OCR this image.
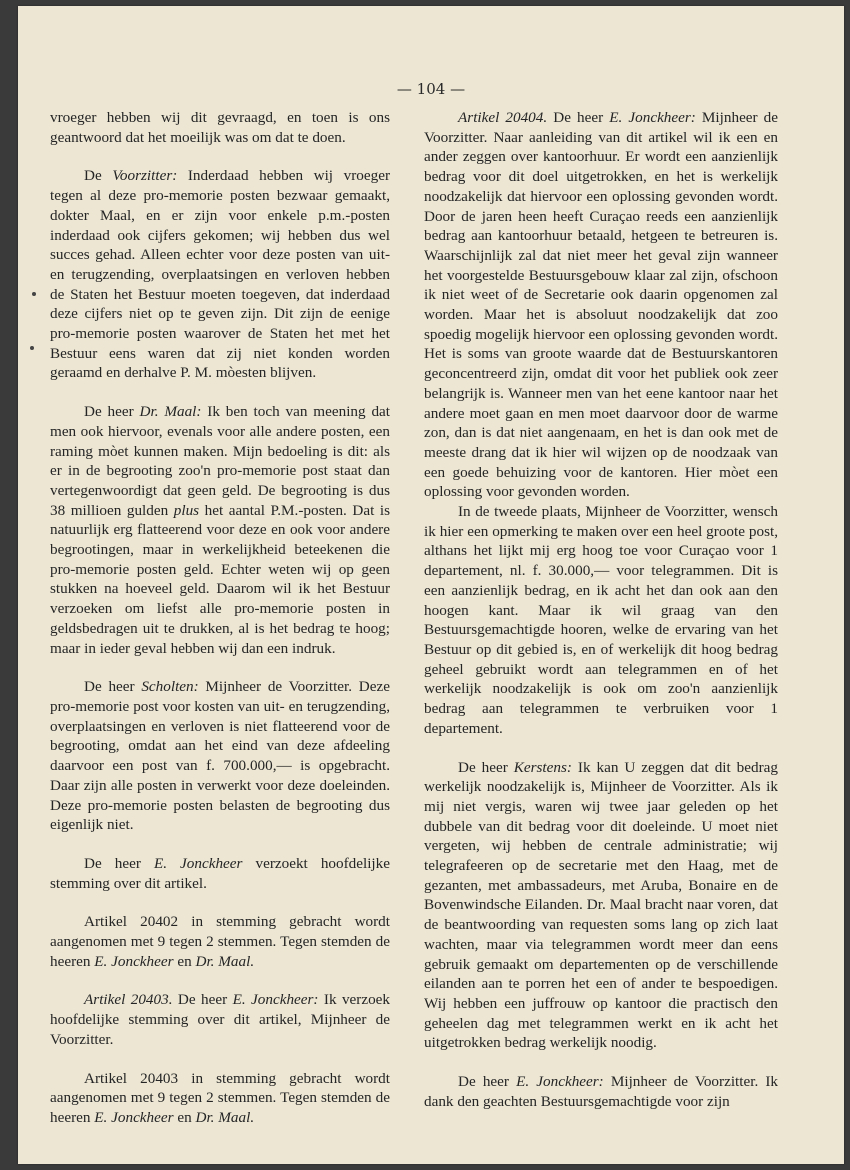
— 104 —

vroeger hebben wij dit gevraagd, en toen is ons geantwoord dat het moeilijk was om dat te doen.

De Voorzitter: Inderdaad hebben wij vroeger tegen al deze pro-memorie posten bezwaar gemaakt, dokter Maal, en er zijn voor enkele p.m.-posten inderdaad ook cijfers gekomen; wij hebben dus wel succes gehad. Alleen echter voor deze posten van uit- en terugzending, overplaatsingen en verloven hebben de Staten het Bestuur moeten toegeven, dat inderdaad deze cijfers niet op te geven zijn. Dit zijn de eenige pro-memorie posten waarover de Staten het met het Bestuur eens waren dat zij niet konden worden geraamd en derhalve P. M. mòesten blijven.

De heer Dr. Maal: Ik ben toch van meening dat men ook hiervoor, evenals voor alle andere posten, een raming mòet kunnen maken. Mijn bedoeling is dit: als er in de begrooting zoo'n pro-memorie post staat dan vertegenwoordigt dat geen geld. De begrooting is dus 38 millioen gulden plus het aantal P.M.-posten. Dat is natuurlijk erg flatteerend voor deze en ook voor andere begrootingen, maar in werkelijkheid beteekenen die pro-memorie posten geld. Echter weten wij op geen stukken na hoeveel geld. Daarom wil ik het Bestuur verzoeken om liefst alle pro-memorie posten in geldsbedragen uit te drukken, al is het bedrag te hoog; maar in ieder geval hebben wij dan een indruk.

De heer Scholten: Mijnheer de Voorzitter. Deze pro-memorie post voor kosten van uit- en terugzending, overplaatsingen en verloven is niet flatteerend voor de begrooting, omdat aan het eind van deze afdeeling daarvoor een post van f. 700.000,— is opgebracht. Daar zijn alle posten in verwerkt voor deze doeleinden. Deze pro-memorie posten belasten de begrooting dus eigenlijk niet.

De heer E. Jonckheer verzoekt hoofdelijke stemming over dit artikel.

Artikel 20402 in stemming gebracht wordt aangenomen met 9 tegen 2 stemmen. Tegen stemden de heeren E. Jonckheer en Dr. Maal.

Artikel 20403. De heer E. Jonckheer: Ik verzoek hoofdelijke stemming over dit artikel, Mijnheer de Voorzitter.

Artikel 20403 in stemming gebracht wordt aangenomen met 9 tegen 2 stemmen. Tegen stemden de heeren E. Jonckheer en Dr. Maal.

Artikel 20404. De heer E. Jonckheer: Mijnheer de Voorzitter. Naar aanleiding van dit artikel wil ik een en ander zeggen over kantoorhuur. Er wordt een aanzienlijk bedrag voor dit doel uitgetrokken, en het is werkelijk noodzakelijk dat hiervoor een oplossing gevonden wordt. Door de jaren heen heeft Curaçao reeds een aanzienlijk bedrag aan kantoorhuur betaald, hetgeen te betreuren is. Waarschijnlijk zal dat niet meer het geval zijn wanneer het voorgestelde Bestuursgebouw klaar zal zijn, ofschoon ik niet weet of de Secretarie ook daarin opgenomen zal worden. Maar het is absoluut noodzakelijk dat zoo spoedig mogelijk hiervoor een oplossing gevonden wordt. Het is soms van groote waarde dat de Bestuurskantoren geconcentreerd zijn, omdat dit voor het publiek ook zeer belangrijk is. Wanneer men van het eene kantoor naar het andere moet gaan en men moet daarvoor door de warme zon, dan is dat niet aangenaam, en het is dan ook met de meeste drang dat ik hier wil wijzen op de noodzaak van een goede behuizing voor de kantoren. Hier mòet een oplossing voor gevonden worden.

In de tweede plaats, Mijnheer de Voorzitter, wensch ik hier een opmerking te maken over een heel groote post, althans het lijkt mij erg hoog toe voor Curaçao voor 1 departement, nl. f. 30.000,— voor telegrammen. Dit is een aanzienlijk bedrag, en ik acht het dan ook aan den hoogen kant. Maar ik wil graag van den Bestuursgemachtigde hooren, welke de ervaring van het Bestuur op dit gebied is, en of werkelijk dit hoog bedrag geheel gebruikt wordt aan telegrammen en of het werkelijk noodzakelijk is ook om zoo'n aanzienlijk bedrag aan telegrammen te verbruiken voor 1 departement.

De heer Kerstens: Ik kan U zeggen dat dit bedrag werkelijk noodzakelijk is, Mijnheer de Voorzitter. Als ik mij niet vergis, waren wij twee jaar geleden op het dubbele van dit bedrag voor dit doeleinde. U moet niet vergeten, wij hebben de centrale administratie; wij telegrafeeren op de secretarie met den Haag, met de gezanten, met ambassadeurs, met Aruba, Bonaire en de Bovenwindsche Eilanden. Dr. Maal bracht naar voren, dat de beantwoording van requesten soms lang op zich laat wachten, maar via telegrammen wordt meer dan eens gebruik gemaakt om departementen op de verschillende eilanden aan te porren het een of ander te bespoedigen. Wij hebben een juffrouw op kantoor die practisch den geheelen dag met telegrammen werkt en ik acht het uitgetrokken bedrag werkelijk noodig.

De heer E. Jonckheer: Mijnheer de Voorzitter. Ik dank den geachten Bestuursgemachtigde voor zijn
